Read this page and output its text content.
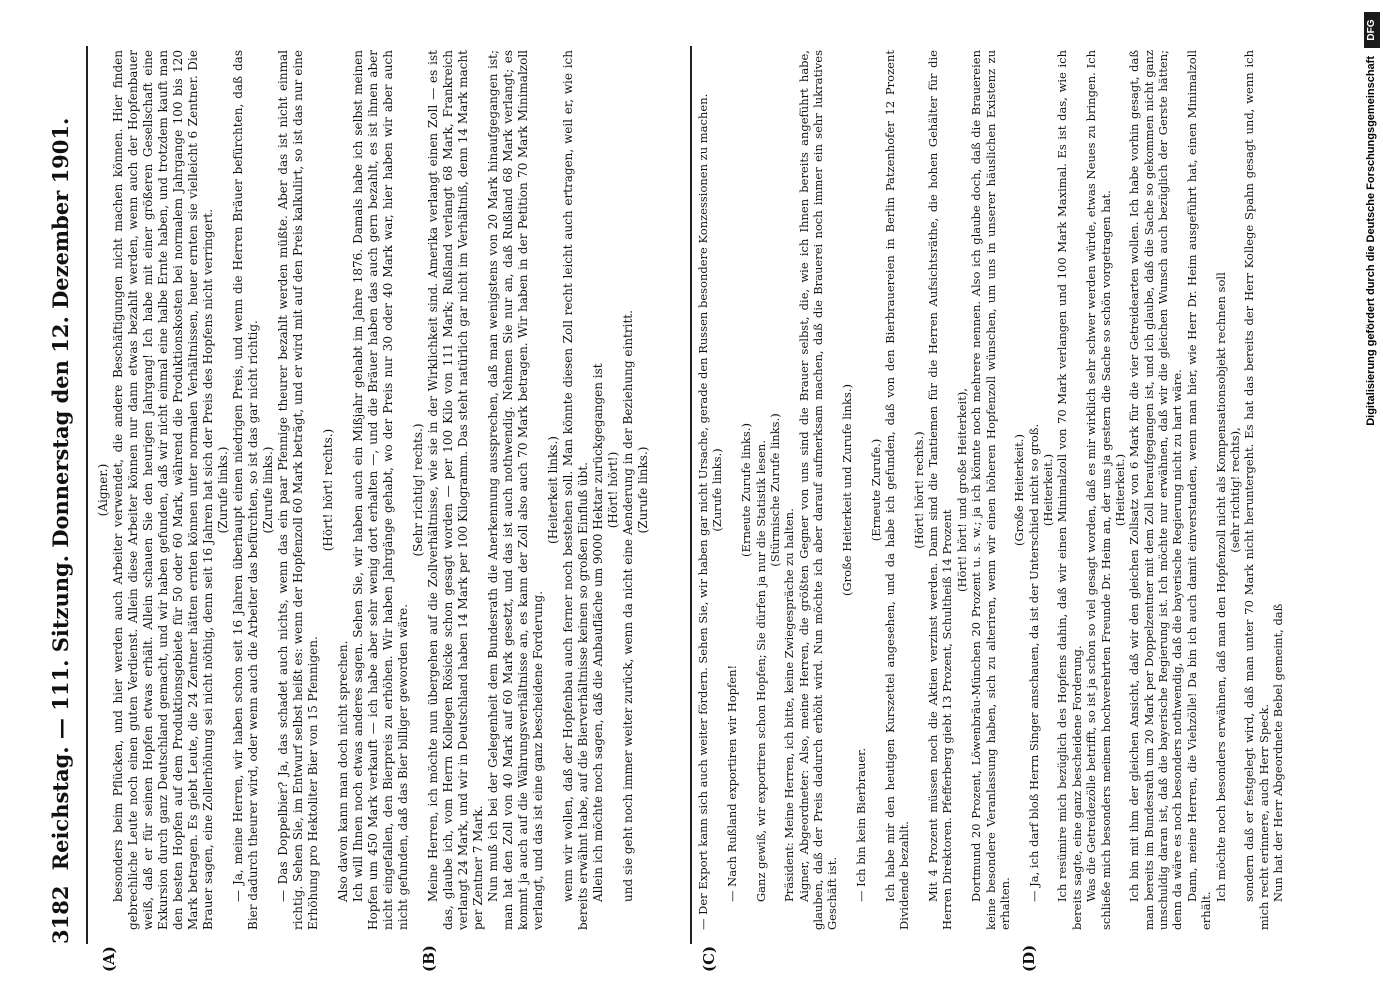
3182
Reichstag. — 111. Sitzung. Donnerstag den 12. Dezember 1901.
(A)	(B)	(C)	(D)

(Aigner.) besonders beim Pflücken, und hier werden auch Arbeiter verwendet, die andere Beschäftigungen nicht machen können. Hier finden gebrechliche Leute noch einen guten Verdienst. Allein diese Arbeiter können nur dann etwas bezahlt werden, wenn auch der Hopfenbauer weiß, daß er für seinen Hopfen etwas erhält. Allein schauen Sie den heurigen Jahrgang! Ich habe mit einer größeren Gesellschaft eine Exkursion durch ganz Deutschland gemacht, und wir haben gefunden, daß wir nicht einmal eine halbe Ernte haben, und trotzdem kauft man den besten Hopfen auf dem Produktionsgebiete für 50 oder 60 Mark, während die Produktionskosten bei normalem Jahrgange 100 bis 120 Mark betragen. Es giebt Leute, die 24 Zentner hätten ernten können unter normalen Verhältnissen, heuer ernten sie vielleicht 6 Zentner. Die Brauer sagen, eine Zollerhöhung sei nicht nöthig, denn seit 16 Jahren hat sich der Preis des Hopfens nicht verringert. (Zurufe links.) — Ja, meine Herren, wir haben schon seit 16 Jahren überhaupt einen niedrigen Preis, und wenn die Herren Bräuer befürchten, daß das Bier dadurch theurer wird, oder wenn auch die Arbeiter das befürchten, so ist das gar nicht richtig. (Zurufe links.) — Das Doppelbier? Ja, das schadet auch nichts, wenn das ein paar Pfennige theurer bezahlt werden müßte. Aber das ist nicht einmal richtig. Sehen Sie, im Entwurf selbst heißt es: wenn der Hopfenzoll 60 Mark beträgt, und er wird mit auf den Preis kalkulirt, so ist das nur eine Erhöhung pro Hektoliter Bier von 15 Pfennigen.

(Hört! hört! rechts.)

Also davon kann man doch nicht sprechen. Ich will Ihnen noch etwas anderes sagen. Sehen Sie, wir haben auch ein Mißjahr gehabt im Jahre 1876. Damals habe ich selbst meinen Hopfen um 450 Mark verkauft — ich habe aber sehr wenig dort erhalten —, und die Bräuer haben das auch gern bezahlt, es ist ihnen aber nicht eingefallen, den Bierpreis zu erhöhen. Wir haben Jahrgänge gehabt, wo der Preis nur 30 oder 40 Mark war, hier haben wir aber auch nicht gefunden, daß das Bier billiger geworden wäre.

(Sehr richtig! rechts.) Meine Herren, ich möchte nun übergehen auf die Zollverhältnisse, wie sie in der Wirklichkeit sind. Amerika verlangt einen Zoll — es ist das, glaube ich, vom Herrn Kollegen Rösicke schon gesagt worden — per 100 Kilo von 111 Mark; Rußland verlangt 68 Mark, Frankreich verlangt 24 Mark, und wir in Deutschland haben 14 Mark per 100 Kilogramm. Das steht natürlich gar nicht im Verhältniß, denn 14 Mark macht per Zentner 7 Mark. Nun muß ich bei der Gelegenheit dem Bundesrath die Anerkennung aussprechen, daß man wenigstens von 20 Mark hinaufgegangen ist; man hat den Zoll von 40 Mark auf 60 Mark gesetzt, und das ist auch nothwendig. Nehmen Sie nur an, daß Rußland 68 Mark verlangt; es kommt ja auch auf die Währungsverhältnisse an, es kann der Zoll also auch 70 Mark betragen. Wir haben in der Petition 70 Mark Minimalzoll verlangt, und das ist eine ganz bescheidene Forderung.

(Heiterkeit links.) wenn wir wollen, daß der Hopfenbau auch ferner noch bestehen soll. Man könnte diesen Zoll recht leicht auch ertragen, weil er, wie ich bereits erwähnt habe, auf die Bierverhältnisse keinen so großen Einfluß übt. Allein ich möchte noch sagen, daß die Anbaufläche um 9000 Hektar zurückgegangen ist (Hört! hört!) und sie geht noch immer weiter zurück, wenn da nicht eine Aenderung in der Beziehung eintritt. (Zurufe links.)	— Der Export kann sich auch weiter fördern. Sehen Sie, wir haben gar nicht Ursache, gerade den Russen besondere Konzessionen zu machen. (Zurufe links.)

— Nach Rußland exportiren wir Hopfen!

(Erneute Zurufe links.) Ganz gewiß, wir exportiren schon Hopfen; Sie dürfen ja nur die Statistik lesen. (Stürmische Zurufe links.)

Präsident: Meine Herren, ich bitte, keine Zwiegespräche zu halten. Aigner, Abgeordneter: Also, meine Herren, die größten Gegner von uns sind die Brauer selbst, die, wie ich Ihnen bereits angeführt habe, glauben, daß der Preis dadurch erhöht wird. Nun möchte ich aber darauf aufmerksam machen, daß die Brauerei noch immer ein sehr lukratives Geschäft ist.

(Große Heiterkeit und Zurufe links.)

— Ich bin kein Bierbrauer.

(Erneute Zurufe.) Ich habe mir den heutigen Kurszettel angesehen, und da habe ich gefunden, daß von den Bierbrauereien in Berlin Patzenhofer 12 Prozent Dividende bezahlt.

(Hört! hört! rechts.) Mit 4 Prozent müssen noch die Aktien verzinst werden. Dann sind die Tantiemen für die Herren Aufsichtsräthe, die hohen Gehälter für die Herren Direktoren. Pfefferberg giebt 13 Prozent, Schultheiß 14 Prozent

(Hört! hört! und große Heiterkeit), Dortmund 20 Prozent, Löwenbräu-München 20 Prozent u. s. w.; ja ich könnte noch mehrere nennen. Also ich glaube doch, daß die Brauereien keine besondere Veranlassung haben, sich zu alteriren, wenn wir einen höheren Hopfenzoll wünschen, um uns in unserer häuslichen Existenz zu erhalten.

(Große Heiterkeit.) — Ja, ich darf bloß Herrn Singer anschauen, da ist der Unterschied nicht so groß. (Heiterkeit.) Ich resümire mich bezüglich des Hopfens dahin, daß wir einen Minimalzoll von 70 Mark verlangen und 100 Mark Maximal. Es ist das, wie ich bereits sagte, eine ganz bescheidene Forderung. Was die Getreidezölle betrifft, so ist ja schon so viel gesagt worden, daß es mir wirklich sehr schwer werden würde, etwas Neues zu bringen. Ich schließe mich besonders meinem hochverehrten Freunde Dr. Heim an, der uns ja gestern die Sache so schön vorgetragen hat. (Heiterkeit.) Ich bin mit ihm der gleichen Ansicht, daß wir den gleichen Zollsatz von 6 Mark für die vier Getreidearten wollen. Ich habe vorhin gesagt, daß man bereits im Bundesrath um 20 Mark per Doppelzentner mit dem Zoll heraufgegangen ist, und ich glaube, daß die Sache so gekommen nicht ganz unschuldig daran ist, daß die bayerische Regierung ist. Ich möchte nur erwähnen, daß wir die gleichen Wunsch auch bezüglich der Gerste hätten; denn da wäre es noch besonders nothwendig, daß die bayerische Regierung nicht zu hart wäre. Dann, meine Herren, die Viehzölle! Da bin ich auch damit einverstanden, wenn man hier, wie Herr Dr. Heim ausgeführt hat, einen Minimalzoll erhält.

Ich möchte noch besonders erwähnen, daß man den Hopfenzoll nicht als Kompensationsobjekt rechnen soll (sehr richtig! rechts), sondern daß er festgelegt wird, daß man unter 70 Mark nicht heruntergeht. Es hat das bereits der Herr Kollege Spahn gesagt und, wenn ich mich recht erinnere, auch Herr Speck. Nun hat der Herr Abgeordnete Bebel gemeint, daß

Digitalisierung gefördert durch die Deutsche Forschungsgemeinschaft
DFG
